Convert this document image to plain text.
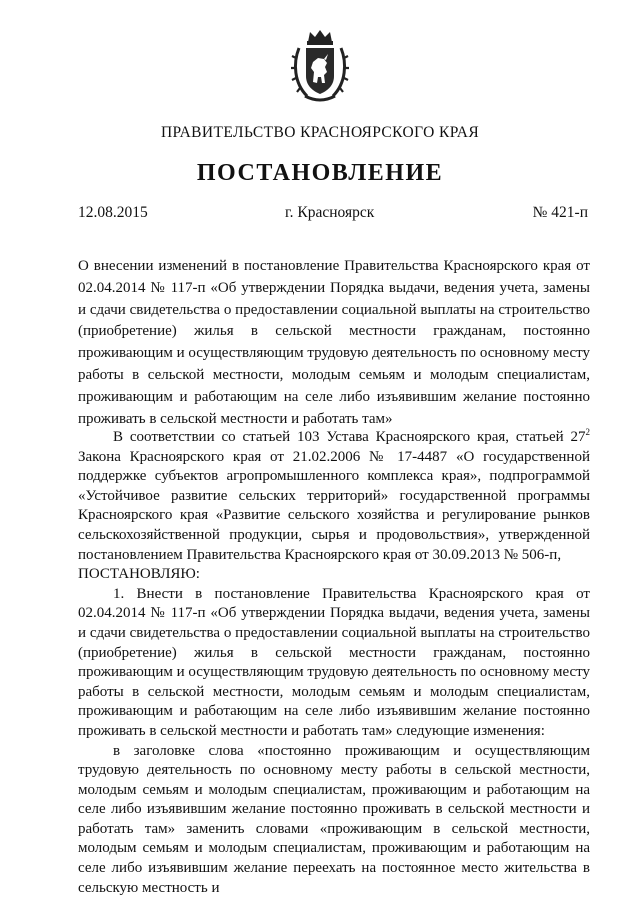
ПРАВИТЕЛЬСТВО КРАСНОЯРСКОГО КРАЯ
ПОСТАНОВЛЕНИЕ
12.08.2015	г. Красноярск	№ 421-п
О внесении изменений в постановление Правительства Красноярского края от 02.04.2014 № 117-п «Об утверждении Порядка выдачи, ведения учета, замены и сдачи свидетельства о предоставлении социальной выплаты на строительство (приобретение) жилья в сельской местности гражданам, постоянно проживающим и осуществляющим трудовую деятельность по основному месту работы в сельской местности, молодым семьям и молодым специалистам, проживающим и работающим на селе либо изъявившим желание постоянно проживать в сельской местности и работать там»

В соответствии со статьей 103 Устава Красноярского края, статьей $27^2$ Закона Красноярского края от 21.02.2006 № 17-4487 «О государственной поддержке субъектов агропромышленного комплекса края», подпрограммой «Устойчивое развитие сельских территорий» государственной программы Красноярского края «Развитие сельского хозяйства и регулирование рынков сельскохозяйственной продукции, сырья и продовольствия», утвержденной постановлением Правительства Красноярского края от 30.09.2013 № 506-п,

ПОСТАНОВЛЯЮ:

1. Внести в постановление Правительства Красноярского края от 02.04.2014 № 117-п «Об утверждении Порядка выдачи, ведения учета, замены и сдачи свидетельства о предоставлении социальной выплаты на строительство (приобретение) жилья в сельской местности гражданам, постоянно проживающим и осуществляющим трудовую деятельность по основному месту работы в сельской местности, молодым семьям и молодым специалистам, проживающим и работающим на селе либо изъявившим желание постоянно проживать в сельской местности и работать там» следующие изменения:

в заголовке слова «постоянно проживающим и осуществляющим трудовую деятельность по основному месту работы в сельской местности, молодым семьям и молодым специалистам, проживающим и работающим на селе либо изъявившим желание постоянно проживать в сельской местности и работать там» заменить словами «проживающим в сельской местности, молодым семьям и молодым специалистам, проживающим и работающим на селе либо изъявившим желание переехать на постоянное место жительства в сельскую местность и
